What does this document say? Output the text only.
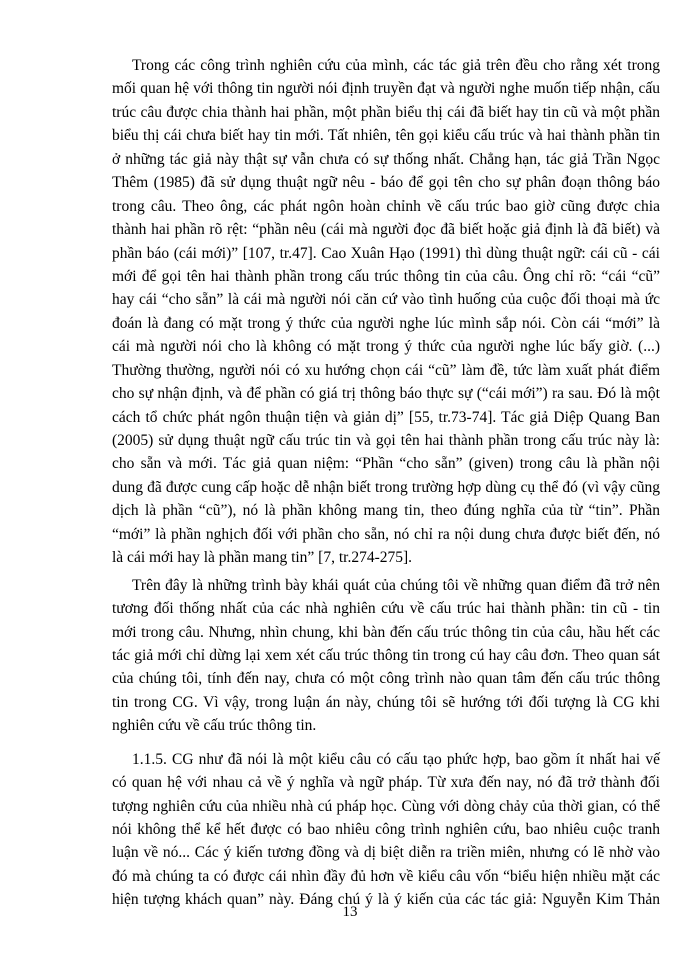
Trong các công trình nghiên cứu của mình, các tác giả trên đều cho rằng xét trong
mối quan hệ với thông tin người nói định truyền đạt và người nghe muốn tiếp nhận, cấu
trúc câu được chia thành hai phần, một phần biểu thị cái đã biết hay tin cũ và một phần
biểu thị cái chưa biết hay tin mới. Tất nhiên, tên gọi kiểu cấu trúc và hai thành phần tin
ở những tác giả này thật sự vẫn chưa có sự thống nhất. Chẳng hạn, tác giả Trần Ngọc
Thêm (1985) đã sử dụng thuật ngữ nêu - báo để gọi tên cho sự phân đoạn thông báo
trong câu. Theo ông, các phát ngôn hoàn chỉnh về cấu trúc bao giờ cũng được chia
thành hai phần rõ rệt: “phần nêu (cái mà người đọc đã biết hoặc giả định là đã biết) và
phần báo (cái mới)” [107, tr.47]. Cao Xuân Hạo (1991) thì dùng thuật ngữ: cái cũ - cái
mới để gọi tên hai thành phần trong cấu trúc thông tin của câu. Ông chỉ rõ: “cái “cũ”
hay cái “cho sẵn” là cái mà người nói căn cứ vào tình huống của cuộc đối thoại mà ức
đoán là đang có mặt trong ý thức của người nghe lúc mình sắp nói. Còn cái “mới” là
cái mà người nói cho là không có mặt trong ý thức của người nghe lúc bấy giờ. (...)
Thường thường, người nói có xu hướng chọn cái “cũ” làm đề, tức làm xuất phát điểm
cho sự nhận định, và để phần có giá trị thông báo thực sự (“cái mới”) ra sau. Đó là một
cách tổ chức phát ngôn thuận tiện và giản dị” [55, tr.73-74]. Tác giả Diệp Quang Ban
(2005) sử dụng thuật ngữ cấu trúc tin và gọi tên hai thành phần trong cấu trúc này là:
cho sẵn và mới. Tác giả quan niệm: “Phần “cho sẵn” (given) trong câu là phần nội
dung đã được cung cấp hoặc dễ nhận biết trong trường hợp dùng cụ thể đó (vì vậy cũng
dịch là phần “cũ”), nó là phần không mang tin, theo đúng nghĩa của từ “tin”. Phần
“mới” là phần nghịch đối với phần cho sẵn, nó chỉ ra nội dung chưa được biết đến, nó
là cái mới hay là phần mang tin” [7, tr.274-275].
Trên đây là những trình bày khái quát của chúng tôi về những quan điểm đã trở nên
tương đối thống nhất của các nhà nghiên cứu về cấu trúc hai thành phần: tin cũ - tin
mới trong câu. Nhưng, nhìn chung, khi bàn đến cấu trúc thông tin của câu, hầu hết các
tác giả mới chỉ dừng lại xem xét cấu trúc thông tin trong cú hay câu đơn. Theo quan sát
của chúng tôi, tính đến nay, chưa có một công trình nào quan tâm đến cấu trúc thông
tin trong CG. Vì vậy, trong luận án này, chúng tôi sẽ hướng tới đối tượng là CG khi
nghiên cứu về cấu trúc thông tin.
1.1.5. CG như đã nói là một kiểu câu có cấu tạo phức hợp, bao gồm ít nhất hai vế
có quan hệ với nhau cả về ý nghĩa và ngữ pháp. Từ xưa đến nay, nó đã trở thành đối
tượng nghiên cứu của nhiều nhà cú pháp học. Cùng với dòng chảy của thời gian, có thể
nói không thể kể hết được có bao nhiêu công trình nghiên cứu, bao nhiêu cuộc tranh
luận về nó... Các ý kiến tương đồng và dị biệt diễn ra triền miên, nhưng có lẽ nhờ vào
đó mà chúng ta có được cái nhìn đầy đủ hơn về kiểu câu vốn “biểu hiện nhiều mặt các
hiện tượng khách quan” này. Đáng chú ý là ý kiến của các tác giả: Nguyễn Kim Thản
13
